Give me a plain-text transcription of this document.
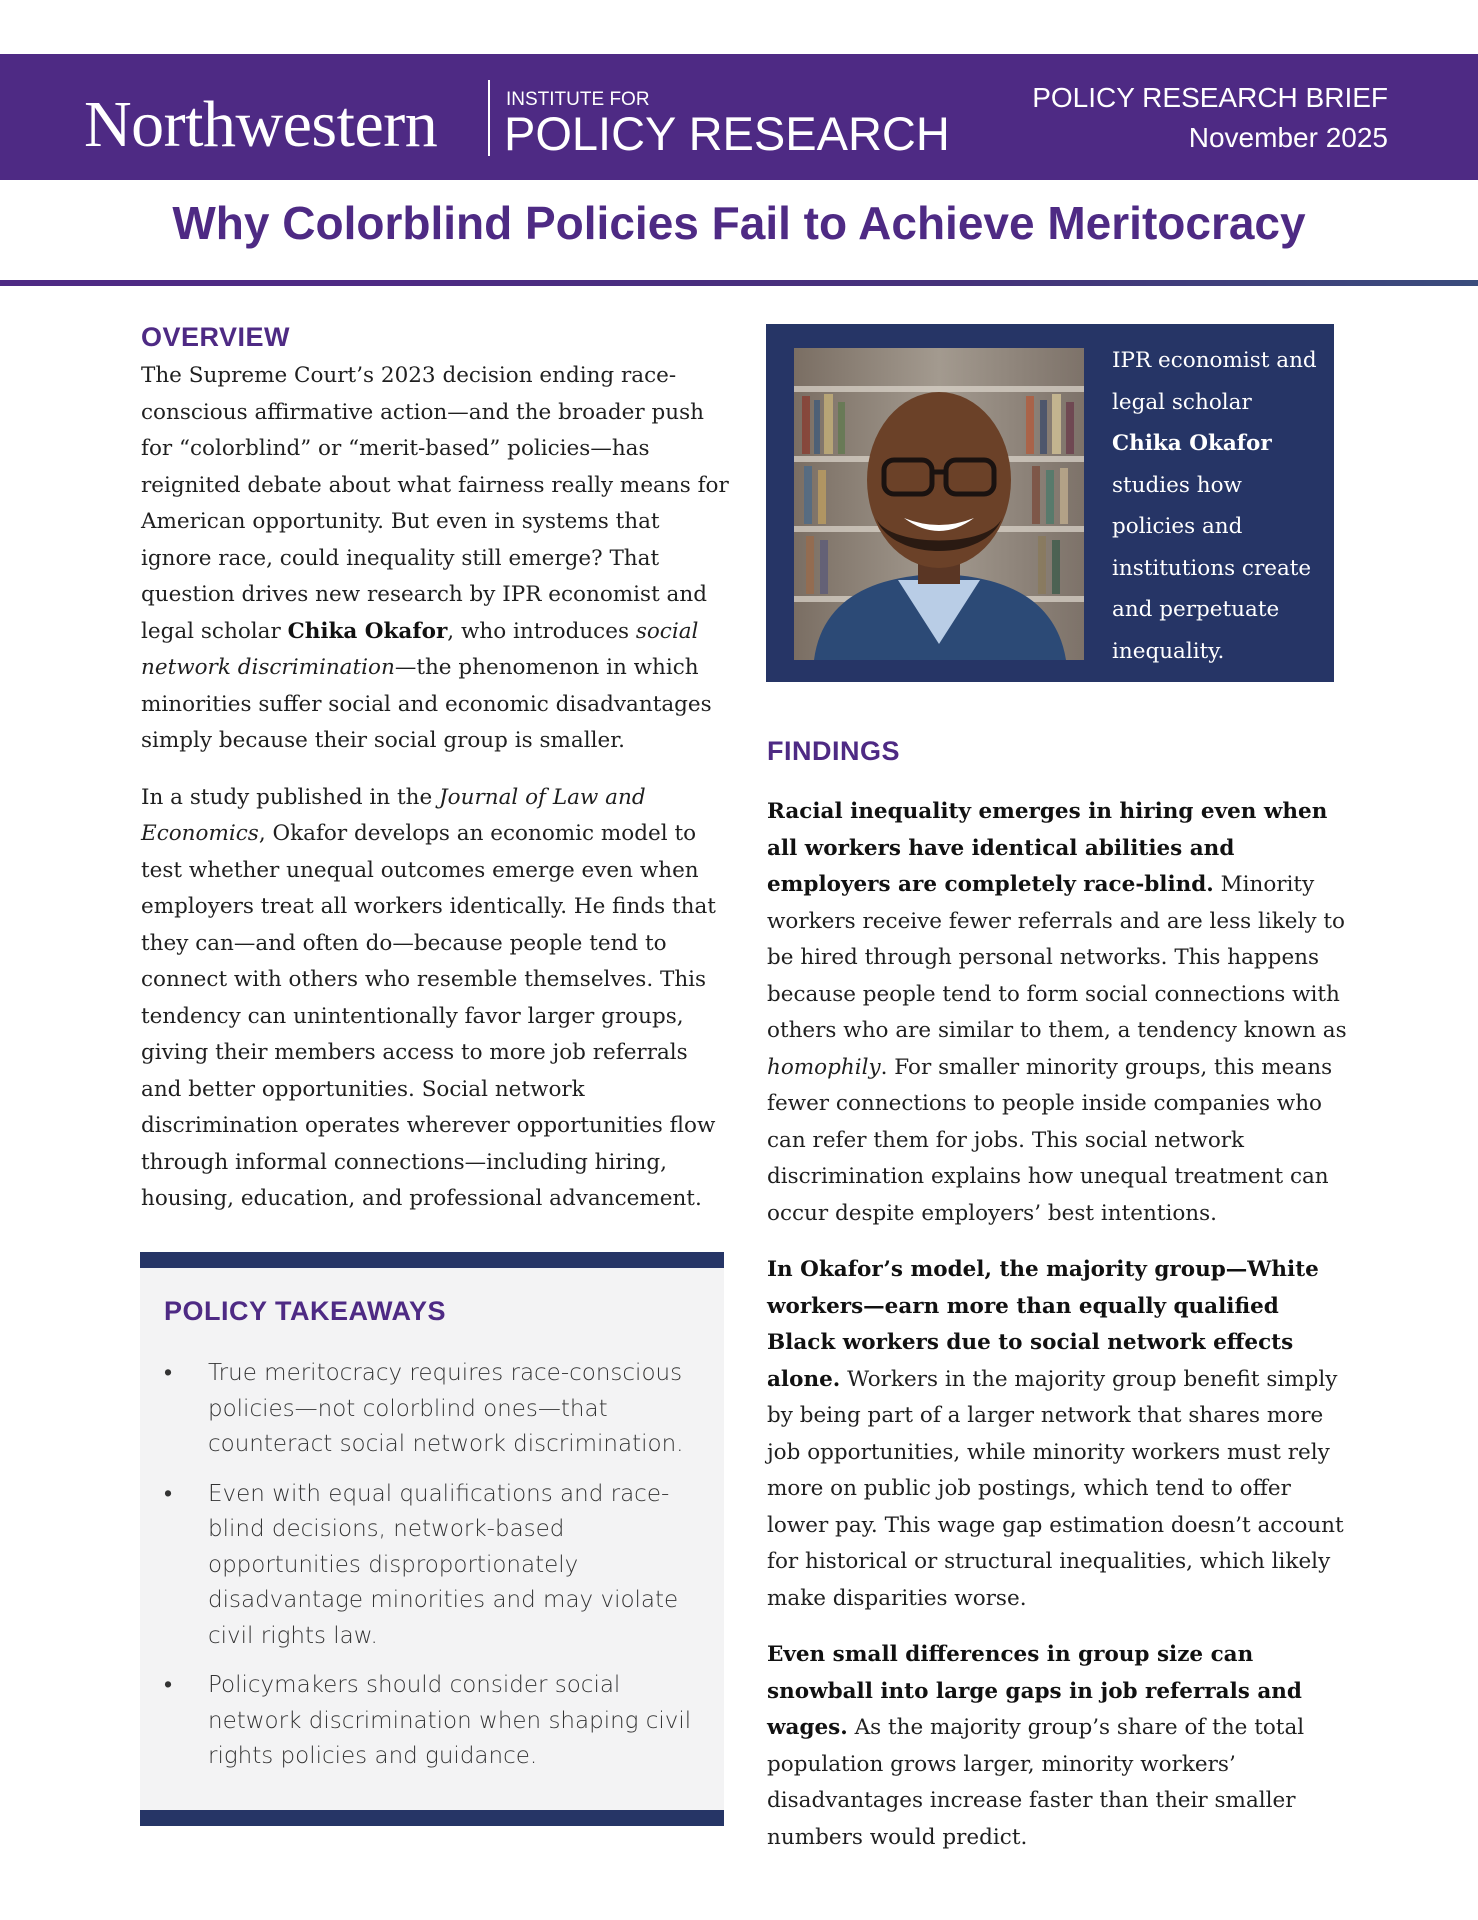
Northwestern	INSTITUTE FOR
POLICY RESEARCH
POLICY RESEARCH BRIEF
November 2025
Why Colorblind Policies Fail to Achieve Meritocracy
OVERVIEW

The Supreme Court’s 2023 decision ending race-conscious affirmative action—and the broader push for “colorblind” or “merit-based” policies—has reignited debate about what fairness really means for American opportunity. But even in systems that ignore race, could inequality still emerge? That question drives new research by IPR economist and legal scholar Chika Okafor, who introduces social network discrimination—the phenomenon in which minorities suffer social and economic disadvantages simply because their social group is smaller.

In a study published in the Journal of Law and Economics, Okafor develops an economic model to test whether unequal outcomes emerge even when employers treat all workers identically. He finds that they can—and often do—because people tend to connect with others who resemble themselves. This tendency can unintentionally favor larger groups, giving their members access to more job referrals and better opportunities. Social network discrimination operates wherever opportunities flow through informal connections—including hiring, housing, education, and professional advancement.

IPR economist and legal scholar Chika Okafor studies how policies and institutions create and perpetuate inequality.
FINDINGS

Racial inequality emerges in hiring even when all workers have identical abilities and employers are completely race-blind. Minority workers receive fewer referrals and are less likely to be hired through personal networks. This happens because people tend to form social connections with others who are similar to them, a tendency known as homophily. For smaller minority groups, this means fewer connections to people inside companies who can refer them for jobs. This social network discrimination explains how unequal treatment can occur despite employers’ best intentions.

In Okafor’s model, the majority group—White workers—earn more than equally qualified Black workers due to social network effects alone. Workers in the majority group benefit simply by being part of a larger network that shares more job opportunities, while minority workers must rely more on public job postings, which tend to offer lower pay. This wage gap estimation doesn’t account for historical or structural inequalities, which likely make disparities worse.

Even small differences in group size can snowball into large gaps in job referrals and wages. As the majority group’s share of the total population grows larger, minority workers’ disadvantages increase faster than their smaller numbers would predict.

POLICY TAKEAWAYS
• True meritocracy requires race-conscious policies—not colorblind ones—that counteract social network discrimination.
• Even with equal qualifications and race-blind decisions, network-based opportunities disproportionately disadvantage minorities and may violate civil rights law.
• Policymakers should consider social network discrimination when shaping civil rights policies and guidance.
